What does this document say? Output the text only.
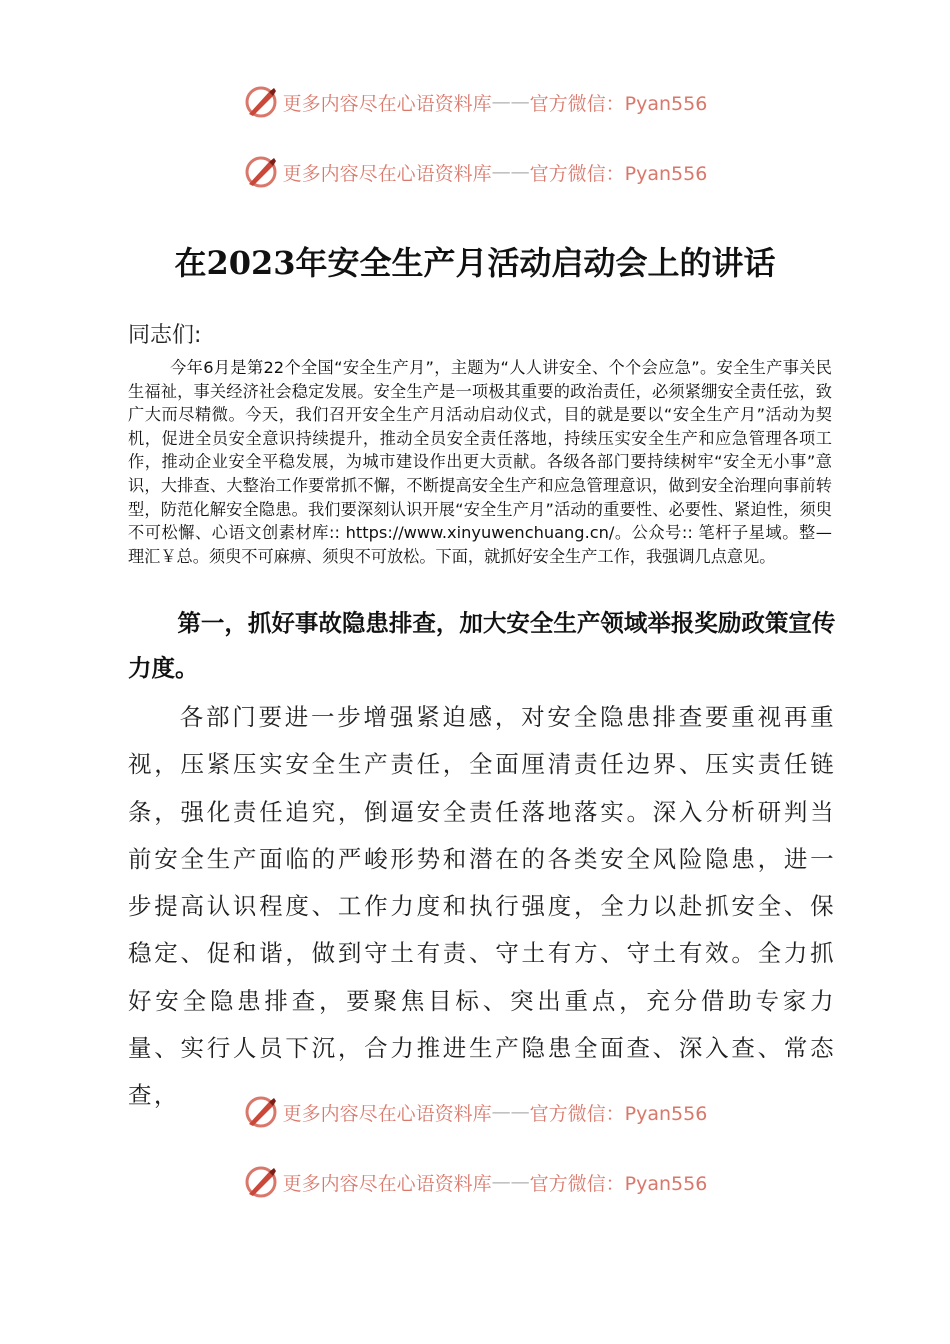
更多内容尽在心语资料库 —— 官方微信：Pyan556
更多内容尽在心语资料库 —— 官方微信：Pyan556
在2023年安全生产月活动启动会上的讲话
同志们:
今年6月是第22个全国“安全生产月”，主题为“人人讲安全、个个会应急”。安全生产事关民生福祉，事关经济社会稳定发展。安全生产是一项极其重要的政治责任，必须紧绷安全责任弦，致广大而尽精微。今天，我们召开安全生产月活动启动仪式，目的就是要以“安全生产月”活动为契机，促进全员安全意识持续提升，推动全员安全责任落地，持续压实安全生产和应急管理各项工作，推动企业安全平稳发展，为城市建设作出更大贡献。各级各部门要持续树牢“安全无小事”意识，大排查、大整治工作要常抓不懈，不断提高安全生产和应急管理意识，做到安全治理向事前转型，防范化解安全隐患。我们要深刻认识开展“安全生产月”活动的重要性、必要性、紧迫性，须臾不可松懈、心语文创素材库:: https://www.xinyuwenchuang.cn/。公众号:: 笔杆子星域。整—理汇￥总。须臾不可麻痹、须臾不可放松。下面，就抓好安全生产工作，我强调几点意见。
第一，抓好事故隐患排查，加大安全生产领域举报奖励政策宣传力度。
各部门要进一步增强紧迫感，对安全隐患排查要重视再重视，压紧压实安全生产责任，全面厘清责任边界、压实责任链条，强化责任追究，倒逼安全责任落地落实。深入分析研判当前安全生产面临的严峻形势和潜在的各类安全风险隐患，进一步提高认识程度、工作力度和执行强度，全力以赴抓安全、保稳定、促和谐，做到守土有责、守土有方、守土有效。全力抓好安全隐患排查，要聚焦目标、突出重点，充分借助专家力量、实行人员下沉，合力推进生产隐患全面查、深入查、常态查，
更多内容尽在心语资料库 —— 官方微信：Pyan556
更多内容尽在心语资料库 —— 官方微信：Pyan556
